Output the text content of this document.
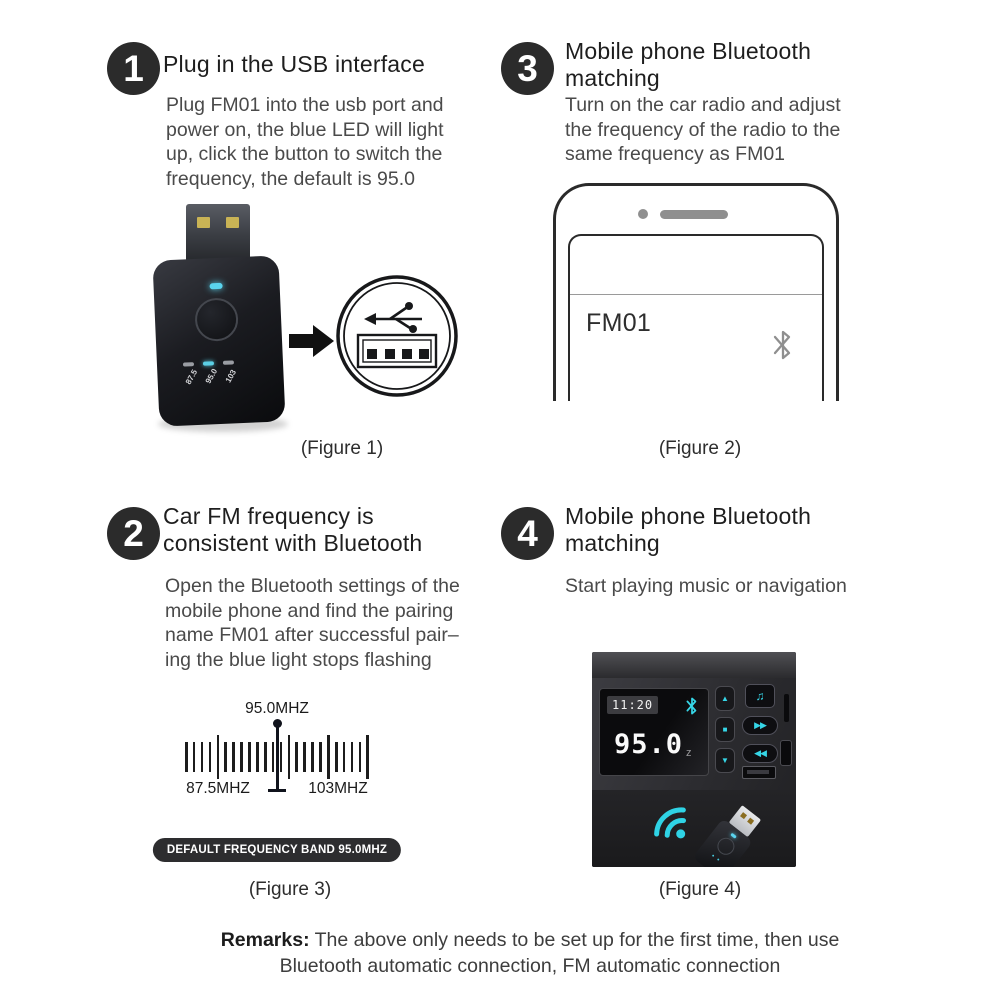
1 Plug in the USB interface
Plug FM01 into the usb port and
power on, the blue LED will light
up, click the button to switch the
frequency, the default is 95.0
87.5 95.0 103
(Figure 1)
3 Mobile phone Bluetooth matching
Turn on the car radio and adjust
the frequency of the radio to the
same frequency as FM01
FM01
(Figure 2)
2 Car FM frequency is consistent with Bluetooth
Open the Bluetooth settings of the
mobile phone and find the pairing
name FM01 after successful pair–
ing the blue light stops flashing
95.0MHZ
87.5MHZ	103MHZ
DEFAULT FREQUENCY BAND 95.0MHZ
(Figure 3)
4 Mobile phone Bluetooth matching
Start playing music or navigation
11:20
95.0 z
▲
■
▼
♫
▶▶
◀◀
• •
(Figure 4)
Remarks: The above only needs to be set up for the first time, then use
Bluetooth automatic connection, FM automatic connection
